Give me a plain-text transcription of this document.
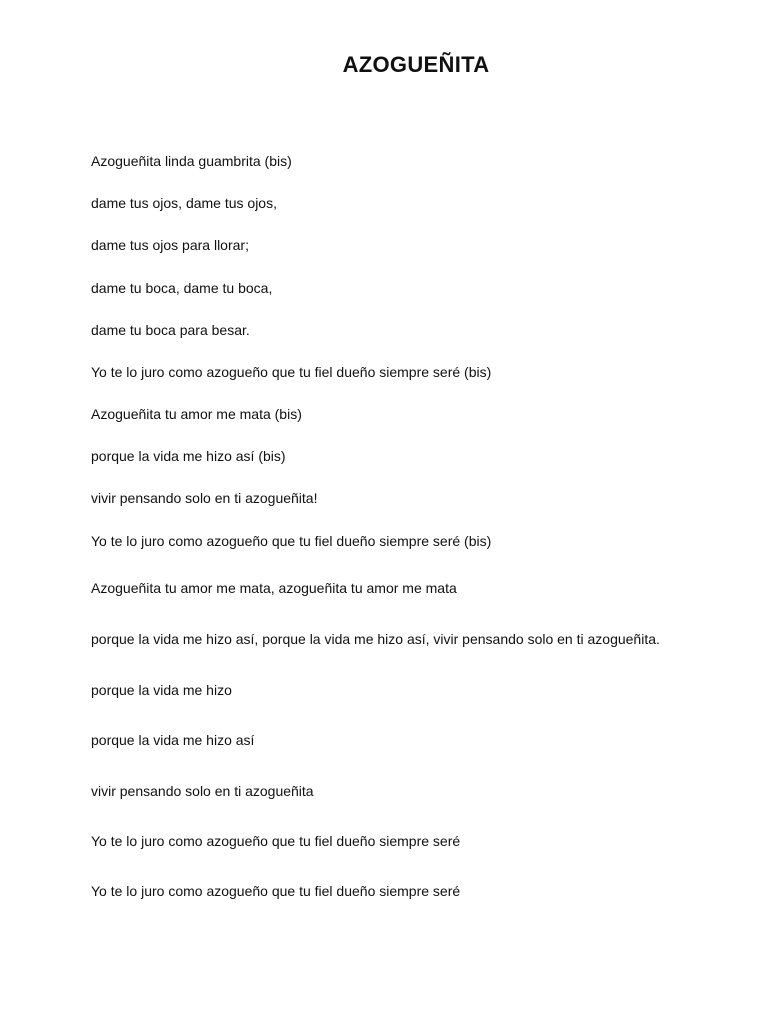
AZOGUEÑITA

Azogueñita linda guambrita (bis)

dame tus ojos, dame tus ojos,

dame tus ojos para llorar;

dame tu boca, dame tu boca,

dame tu boca para besar.

Yo te lo juro como azogueño que tu fiel dueño siempre seré (bis)

Azogueñita tu amor me mata (bis)

porque la vida me hizo así (bis)

vivir pensando solo en ti azogueñita!

Yo te lo juro como azogueño que tu fiel dueño siempre seré (bis)

Azogueñita tu amor me mata, azogueñita tu amor me mata

porque la vida me hizo así, porque la vida me hizo así, vivir pensando solo en ti azogueñita.

porque la vida me hizo

porque la vida me hizo así

vivir pensando solo en ti azogueñita

Yo te lo juro como azogueño que tu fiel dueño siempre seré

Yo te lo juro como azogueño que tu fiel dueño siempre seré
